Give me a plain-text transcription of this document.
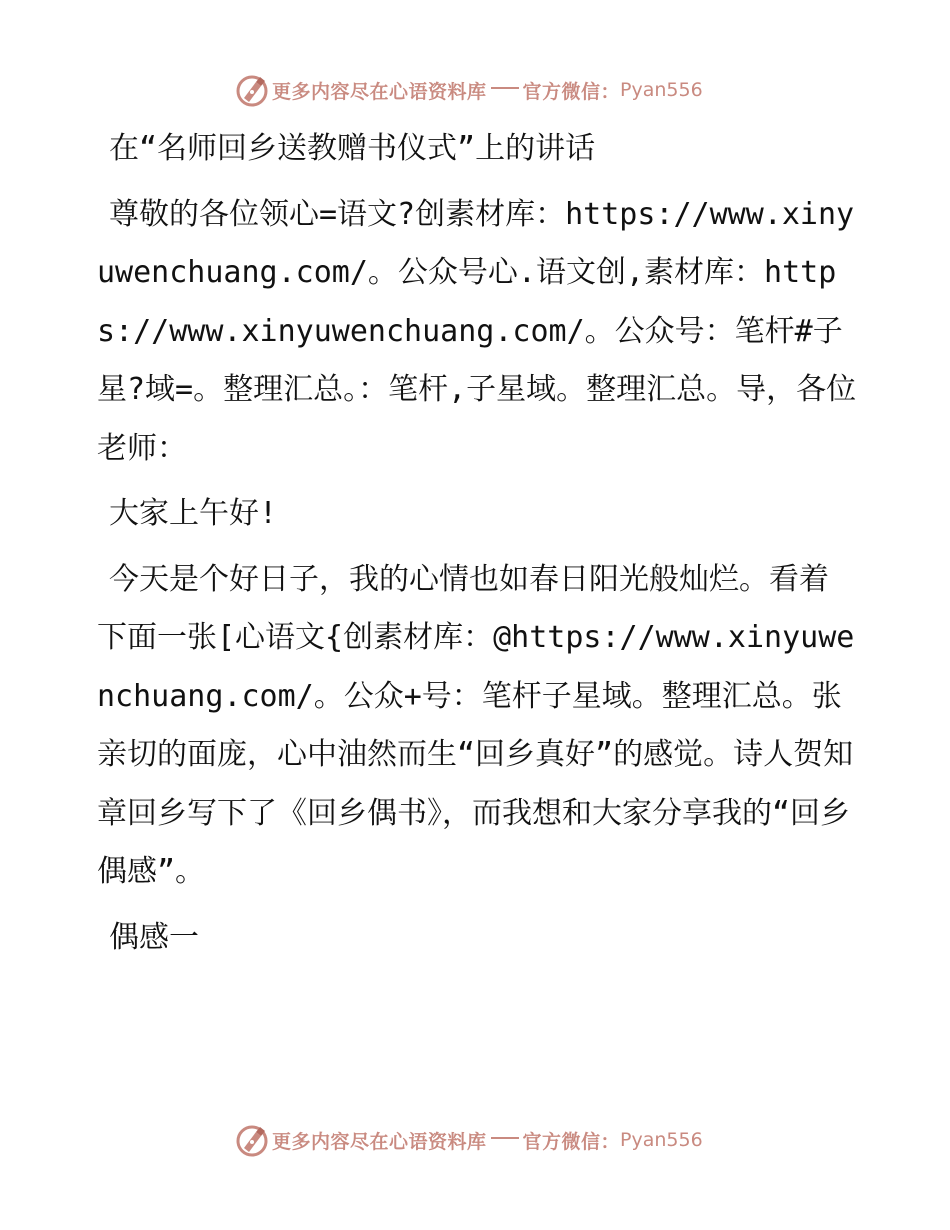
更多内容尽在心语资料库 官方微信： Pyan556

在“名师回乡送教赠书仪式”上的讲话

尊敬的各位领心=语文?创素材库：https://www.xinyuwenchuang.com/。公众号心.语文创,素材库：https://www.xinyuwenchuang.com/。公众号：笔杆#子星?域=。整理汇总。：笔杆,子星域。整理汇总。导，各位老师：

大家上午好!

今天是个好日子，我的心情也如春日阳光般灿烂。看着下面一张[心语文{创素材库：@https://www.xinyuwenchuang.com/。公众+号：笔杆子星域。整理汇总。张亲切的面庞，心中油然而生“回乡真好”的感觉。诗人贺知章回乡写下了《回乡偶书》，而我想和大家分享我的“回乡偶感”。

偶感一

更多内容尽在心语资料库 官方微信： Pyan556
